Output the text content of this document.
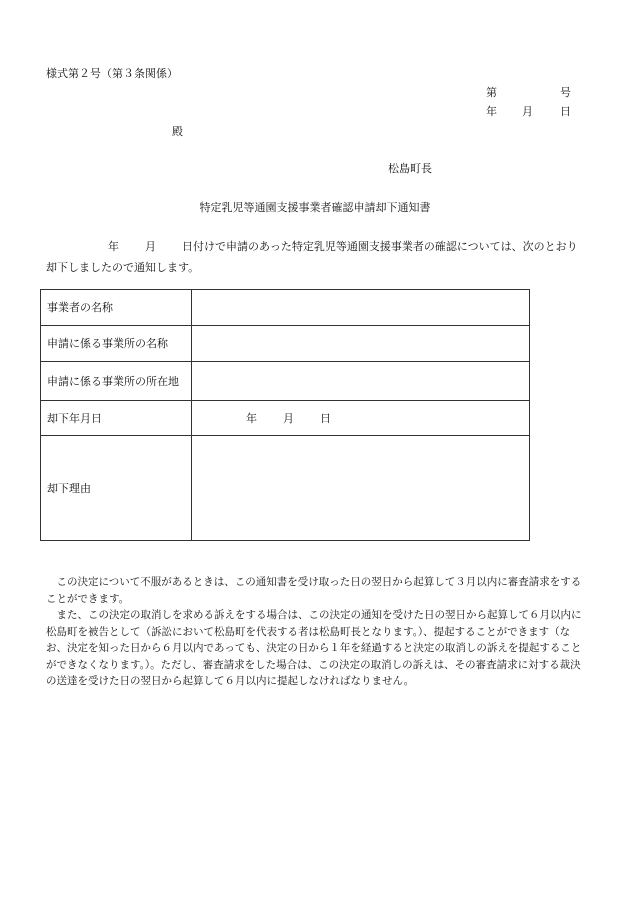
様式第２号（第３条関係）
第	号
年 月 日
殿
松島町長
特定乳児等通園支援事業者確認申請却下通知書
年 月 日付けで申請のあった特定乳児等通園支援事業者の確認については、次のとおり却下しましたので通知します。
事業者の名称	
申請に係る事業所の名称	
申請に係る事業所の所在地	
却下年月日	年 月 日
却下理由	

この決定について不服があるときは、この通知書を受け取った日の翌日から起算して３月以内に審査請求をすることができます。

また、この決定の取消しを求める訴えをする場合は、この決定の通知を受けた日の翌日から起算して６月以内に松島町を被告として（訴訟において松島町を代表する者は松島町長となります。）、提起することができます（なお、決定を知った日から６月以内であっても、決定の日から１年を経過すると決定の取消しの訴えを提起することができなくなります。）。ただし、審査請求をした場合は、この決定の取消しの訴えは、その審査請求に対する裁決の送達を受けた日の翌日から起算して６月以内に提起しなければなりません。
